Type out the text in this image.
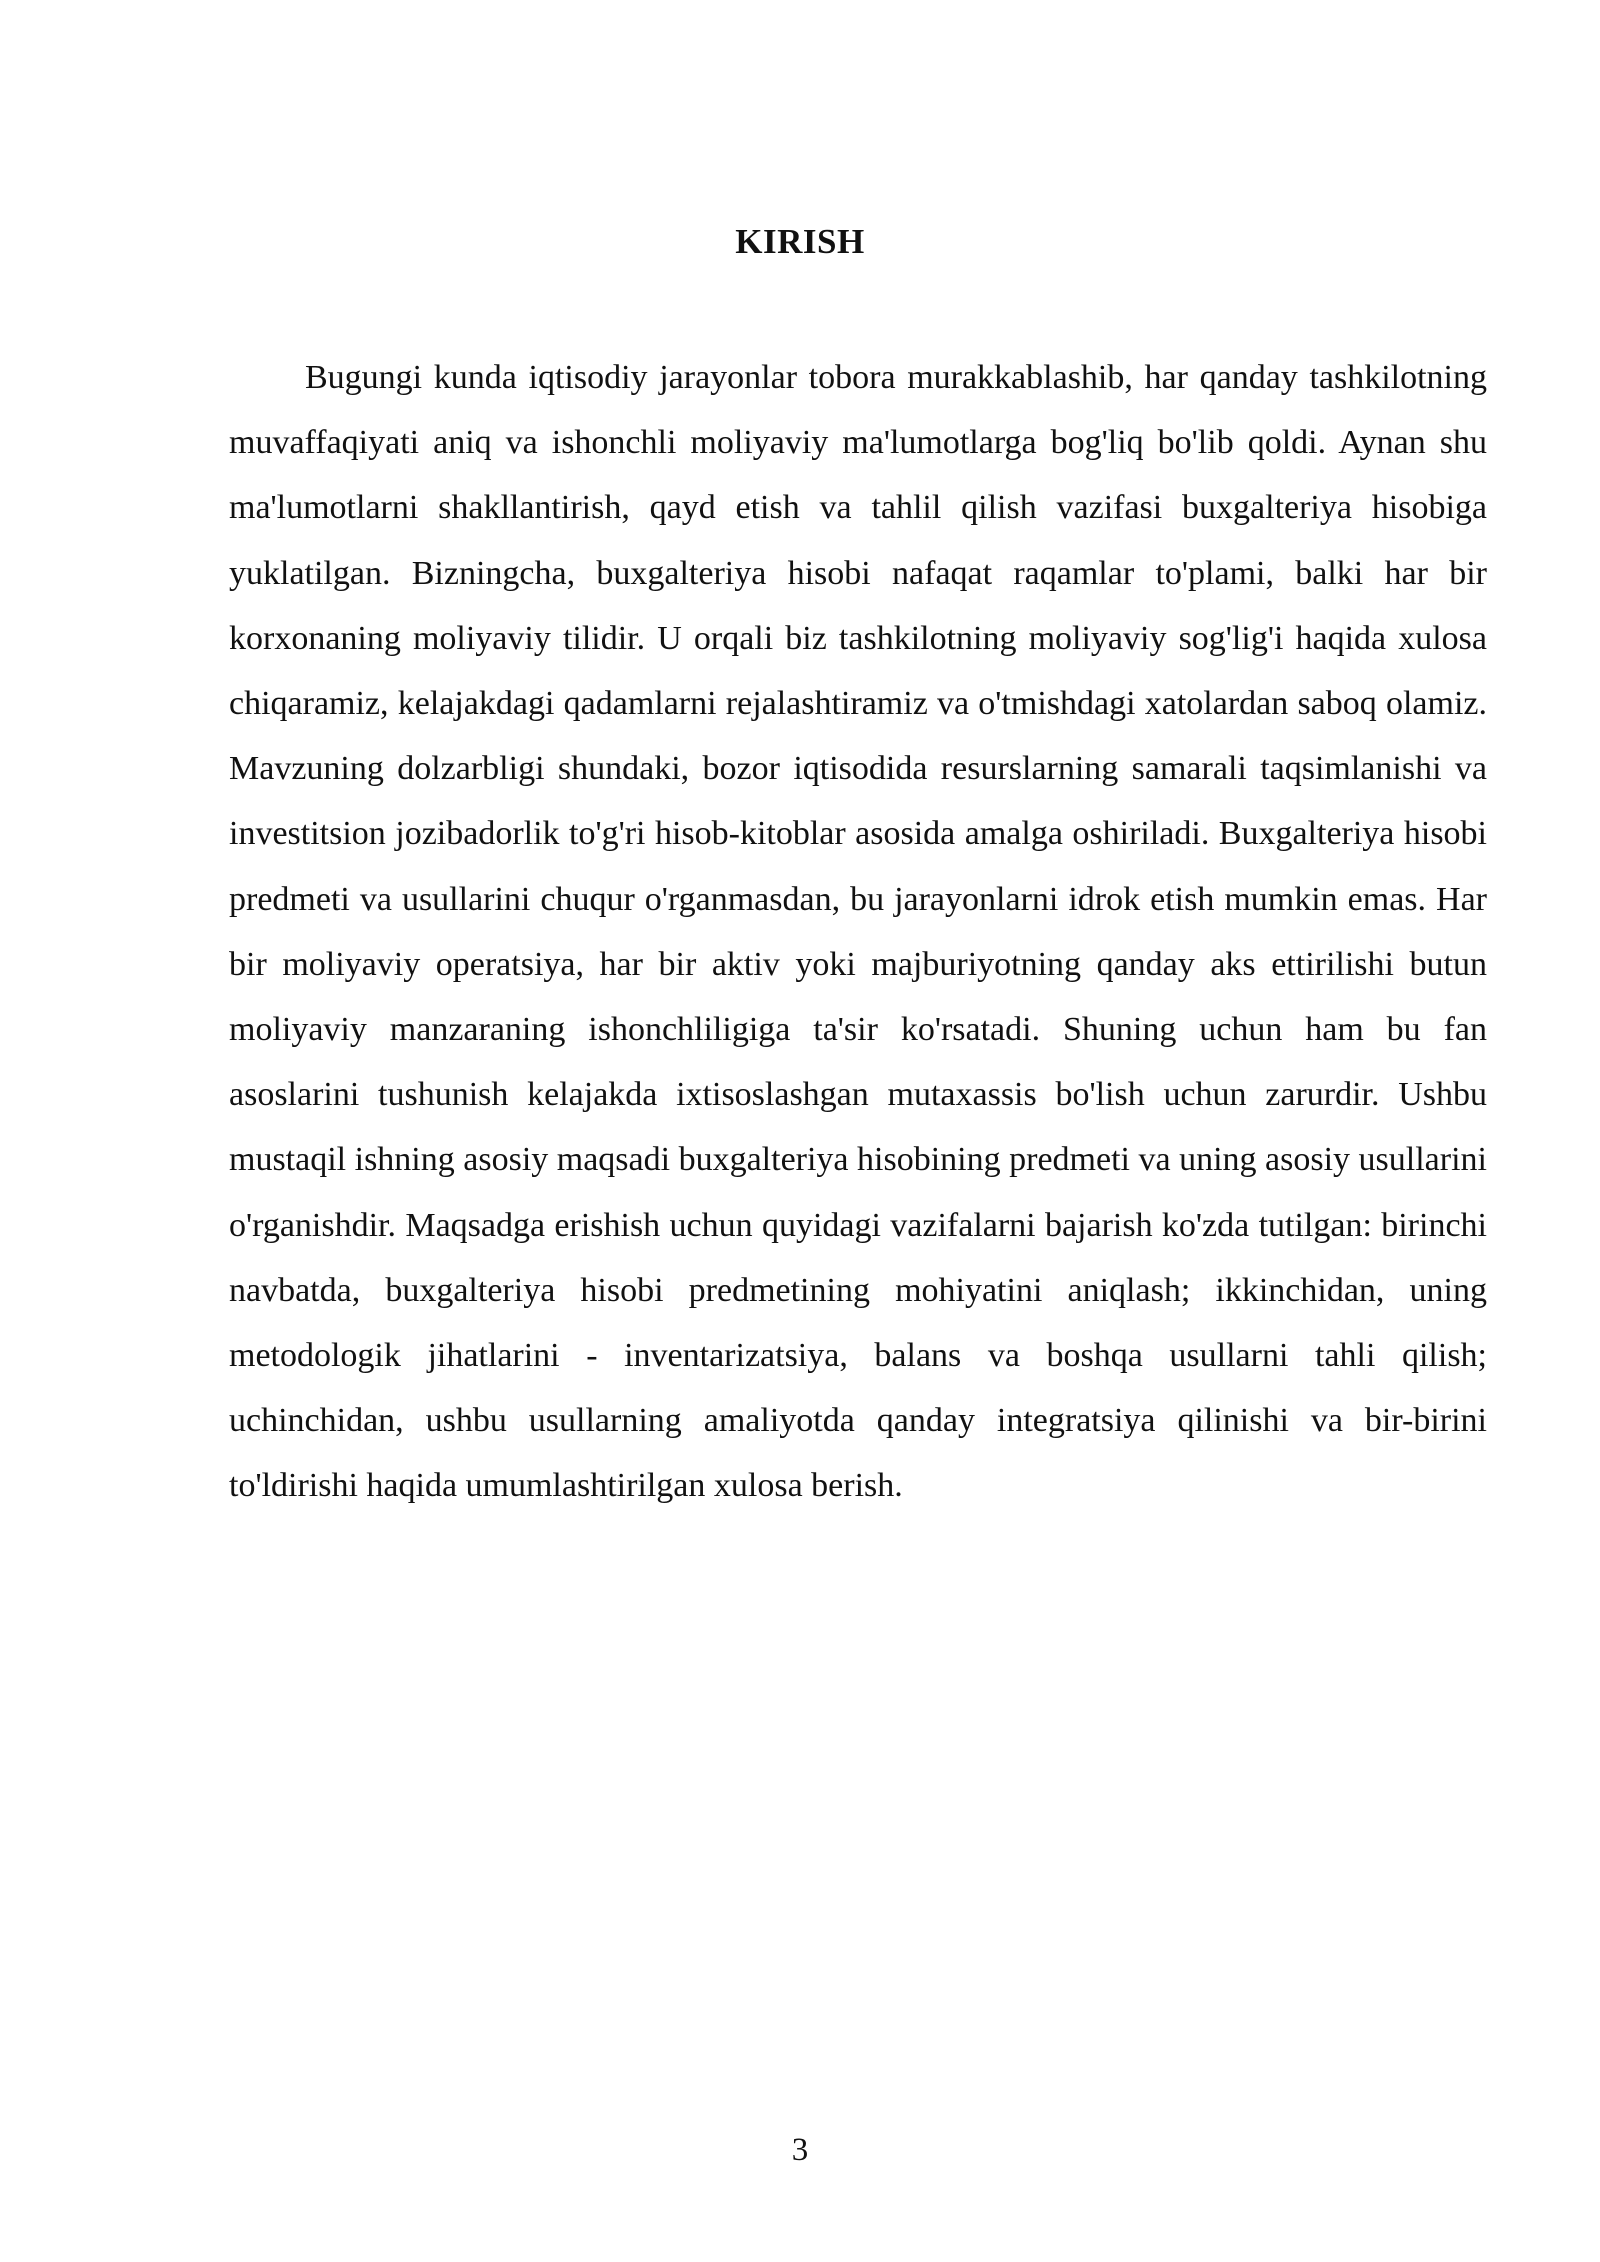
KIRISH

Bugungi kunda iqtisodiy jarayonlar tobora murakkablashib, har qanday tashkilotning muvaffaqiyati aniq va ishonchli moliyaviy ma'lumotlarga bog'liq bo'lib qoldi. Aynan shu ma'lumotlarni shakllantirish, qayd etish va tahlil qilish vazifasi buxgalteriya hisobiga yuklatilgan. Bizningcha, buxgalteriya hisobi nafaqat raqamlar to'plami, balki har bir korxonaning moliyaviy tilidir. U orqali biz tashkilotning moliyaviy sog'lig'i haqida xulosa chiqaramiz, kelajakdagi qadamlarni rejalashtiramiz va o'tmishdagi xatolardan saboq olamiz. Mavzuning dolzarbligi shundaki, bozor iqtisodida resurslarning samarali taqsimlanishi va investitsion jozibadorlik to'g'ri hisob-kitoblar asosida amalga oshiriladi. Buxgalteriya hisobi predmeti va usullarini chuqur o'rganmasdan, bu jarayonlarni idrok etish mumkin emas. Har bir moliyaviy operatsiya, har bir aktiv yoki majburiyotning qanday aks ettirilishi butun moliyaviy manzaraning ishonchliligiga ta'sir ko'rsatadi. Shuning uchun ham bu fan asoslarini tushunish kelajakda ixtisoslashgan mutaxassis bo'lish uchun zarurdir. Ushbu mustaqil ishning asosiy maqsadi buxgalteriya hisobining predmeti va uning asosiy usullarini o'rganishdir. Maqsadga erishish uchun quyidagi vazifalarni bajarish ko'zda tutilgan: birinchi navbatda, buxgalteriya hisobi predmetining mohiyatini aniqlash; ikkinchidan, uning metodologik jihatlarini - inventarizatsiya, balans va boshqa usullarni tahli qilish; uchinchidan, ushbu usullarning amaliyotda qanday integratsiya qilinishi va bir-birini to'ldirishi haqida umumlashtirilgan xulosa berish.

3
